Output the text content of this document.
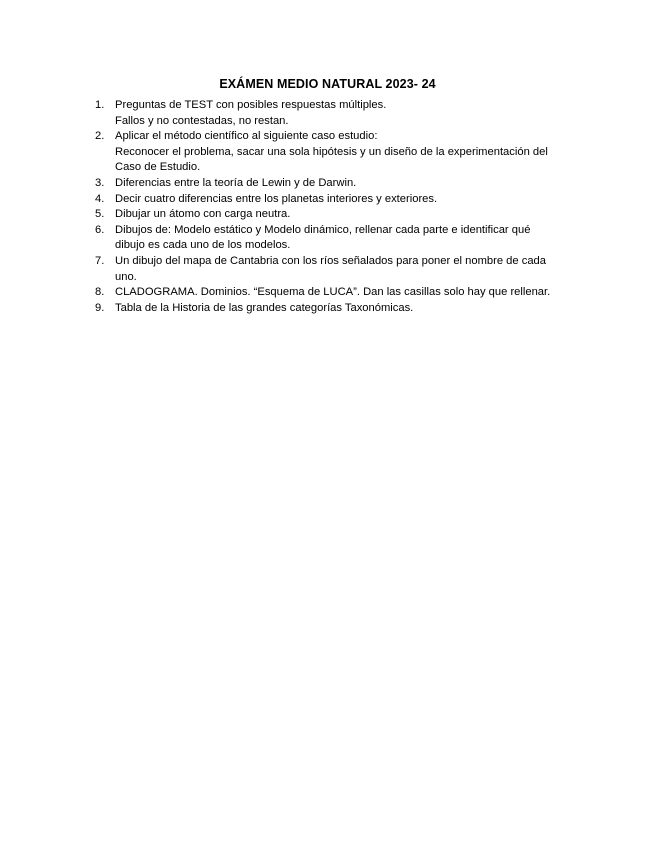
EXÁMEN MEDIO NATURAL 2023- 24
1. Preguntas de TEST con posibles respuestas múltiples.
Fallos y no contestadas, no restan.
2. Aplicar el método científico al siguiente caso estudio:
Reconocer el problema, sacar una sola hipótesis y un diseño de la experimentación del
Caso de Estudio.
3. Diferencias entre la teoría de Lewin y de Darwin.
4. Decir cuatro diferencias entre los planetas interiores y exteriores.
5. Dibujar un átomo con carga neutra.
6. Dibujos de: Modelo estático y Modelo dinámico, rellenar cada parte e identificar qué
dibujo es cada uno de los modelos.
7. Un dibujo del mapa de Cantabria con los ríos señalados para poner el nombre de cada
uno.
8. CLADOGRAMA. Dominios. “Esquema de LUCA”. Dan las casillas solo hay que rellenar.
9. Tabla de la Historia de las grandes categorías Taxonómicas.
